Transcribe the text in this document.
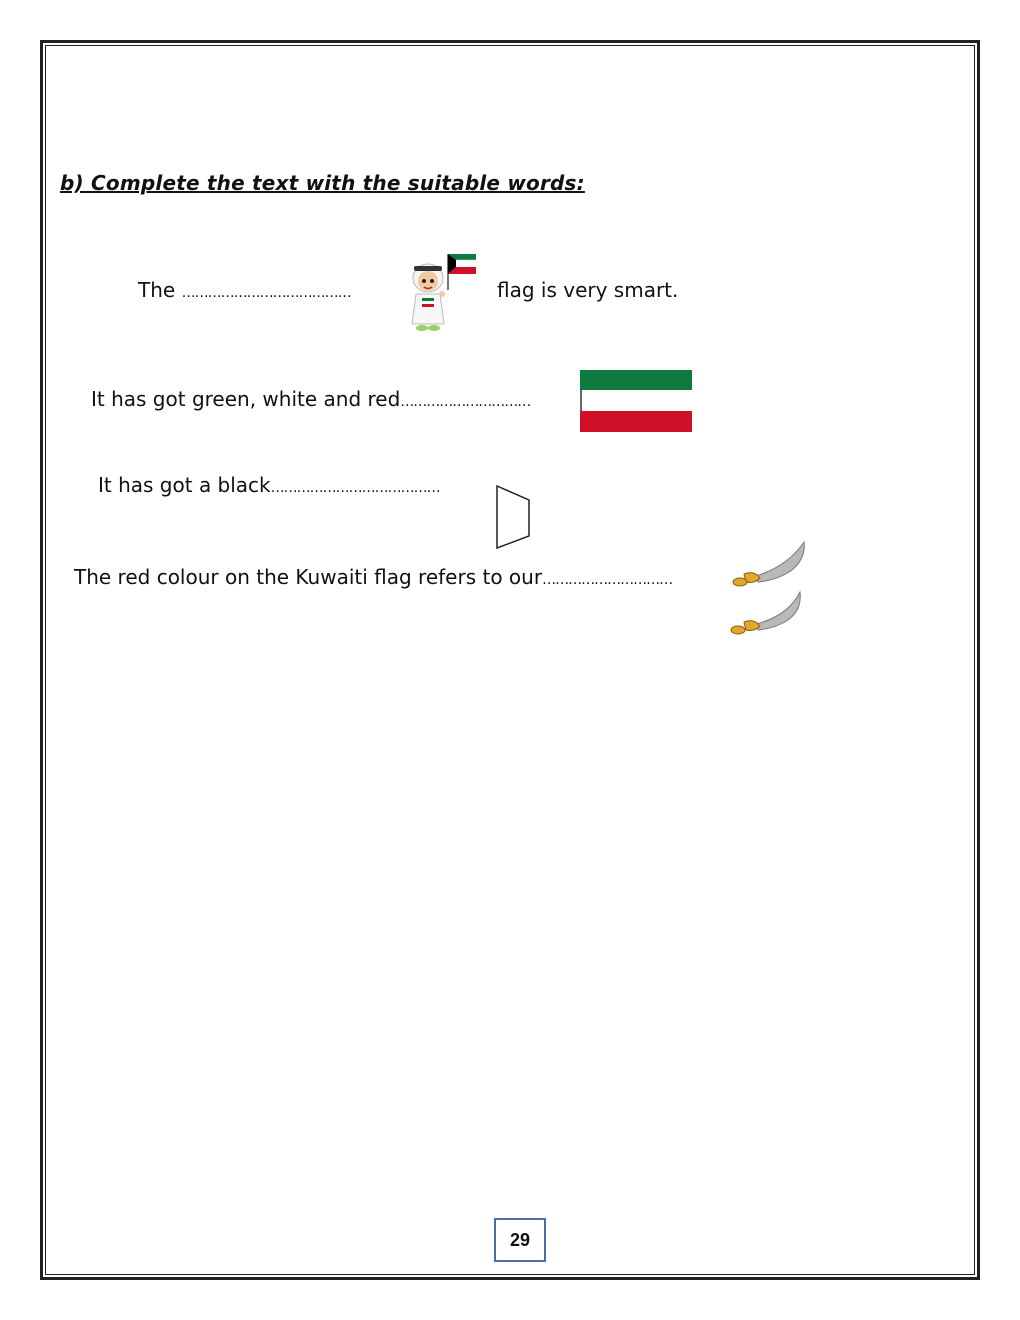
b) Complete the text with the suitable words:
The …………………………………	flag is very smart.
It has got green, white and red…………………………
It has got a black…………………………………
The red colour on the Kuwaiti flag refers to our…………………………
29
